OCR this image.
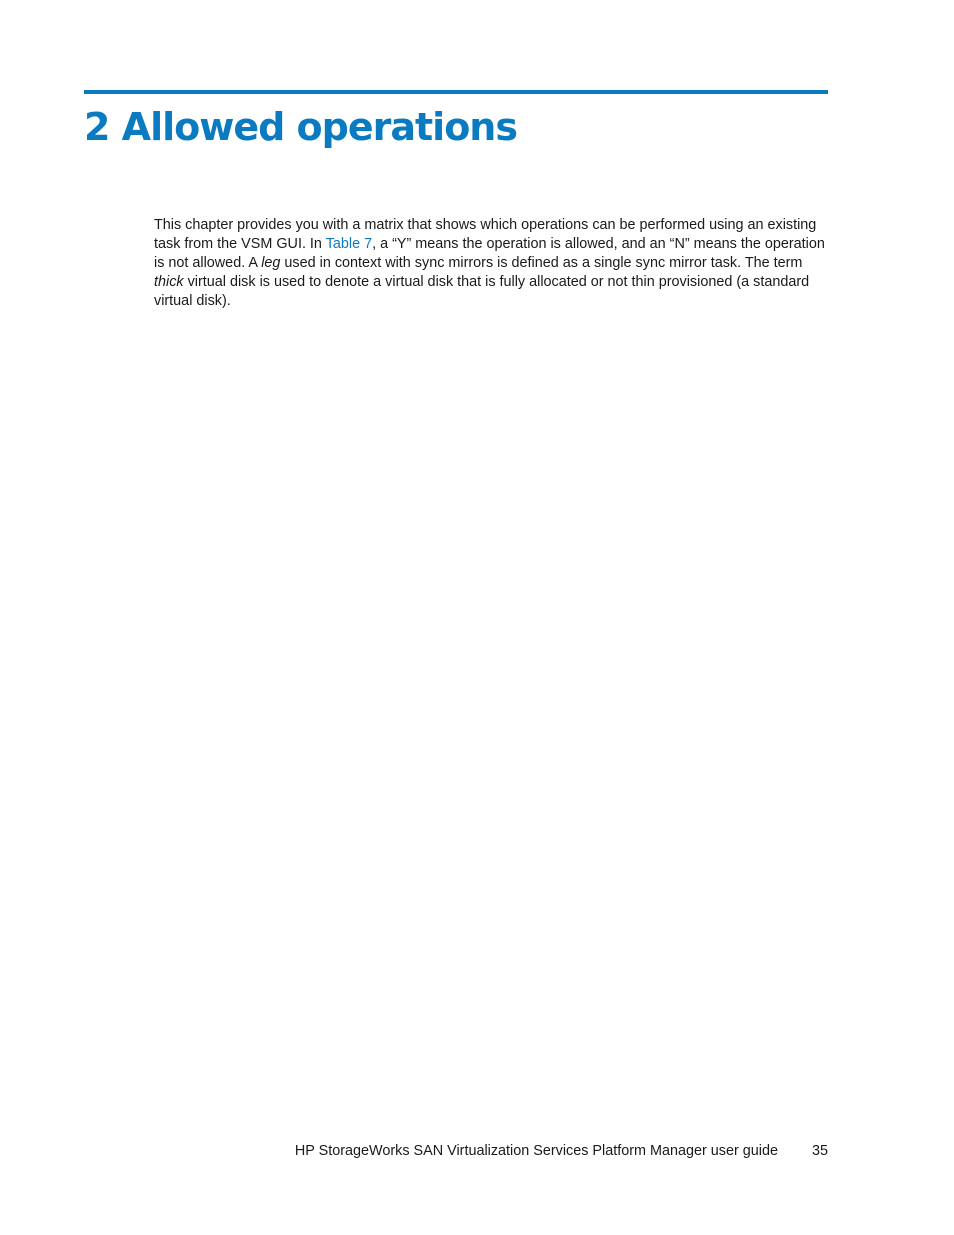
2 Allowed operations

This chapter provides you with a matrix that shows which operations can be performed using an existing task from the VSM GUI. In Table 7, a “Y” means the operation is allowed, and an “N” means the operation is not allowed. A leg used in context with sync mirrors is defined as a single sync mirror task. The term thick virtual disk is used to denote a virtual disk that is fully allocated or not thin provisioned (a standard virtual disk).

HP StorageWorks SAN Virtualization Services Platform Manager user guide 35
